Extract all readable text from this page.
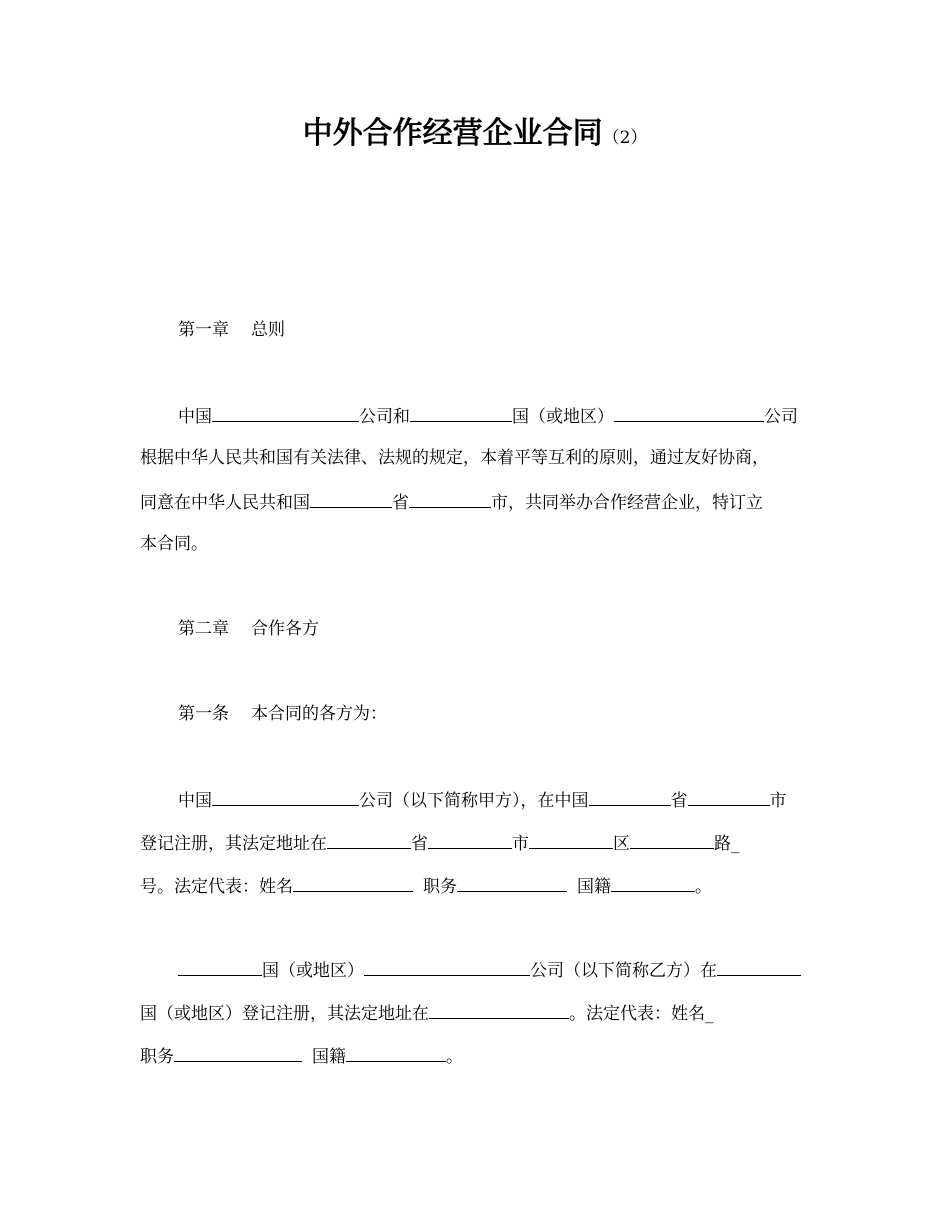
中外合作经营企业合同（2）
第一章 总则
中国	公司和	国（或地区）	公司
根据中华人民共和国有关法律、法规的规定，本着平等互利的原则，通过友好协商，
同意在中华人民共和国	省	市，共同举办合作经营企业，特订立
本合同。
第二章 合作各方
第一条 本合同的各方为：
中国	公司（以下简称甲方），在中国	省	市
登记注册，其法定地址在	省	市	区	路_
号。法定代表：姓名	职务	国籍	。
国（或地区）	公司（以下简称乙方）在
国（或地区）登记注册，其法定地址在	。法定代表：姓名_
职务	国籍	。
